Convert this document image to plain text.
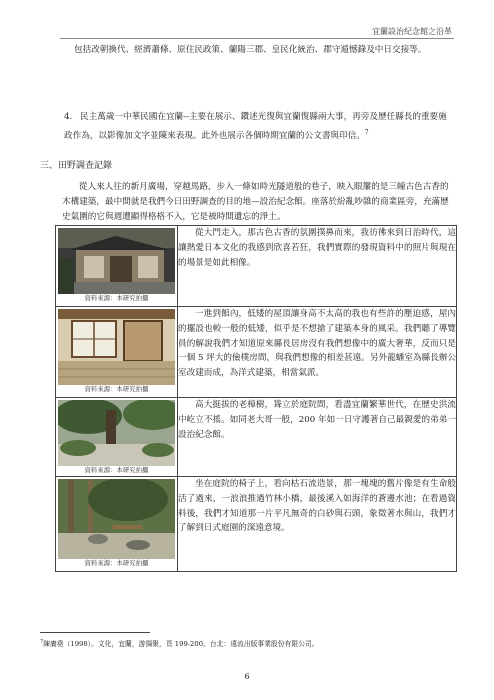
宜蘭設治紀念館之沿革
包括改朝換代、經濟蕭條、原住民政策、蘭陽三郡、皇民化統治、郡守遁憾錄及中日交接等。
4. 民主萬歲一中華民國在宜蘭--主要在展示、鑽述光復與宜蘭復縣兩大事，再旁及歷任縣長的重要施政作為，以影像加文字並陳來表現。此外也展示各個時期宜蘭的公文書與印信。$^7$
三、田野調查記錄
從人來人往的新月廣場，穿越馬路，步入一條如時光隧道般的巷子，映入眼簾的是三幢古色古香的木構建築，最中間就是我們今日田野調查的目的地—設治紀念館。座落於紛亂吵雜的商業區旁，充滿歷史氣圍的它與週遭顯得格格不入，它是被時間遺忘的淨土。
資料來源：本研究拍攝	從大門走入，那古色古香的氛圍撲鼻而來，我彷彿來到日治時代，這讓熱愛日本文化的我感到欣喜若狂，我們實際的發現資料中的照片與現在的場景是如此相像。

資料來源：本研究拍攝	一進到館內，低矮的屋頂讓身高不太高的我也有些許的壓迫感，屋內的擺設也較一般的低矮，似乎是不想搶了建築本身的風采。我們聽了導覽員的解說我們才知道原來縣長居房沒有我們想像中的廣大奢華，反而只是一個 5 坪大的儉樸房間，與我們想像的相差甚遠。另外龍蟠室為縣長辦公室改建而成，為洋式建築，相當氣派。

資料來源：本研究拍攝	高大挺拔的老樟樹，聳立於庭院間，看盡宜蘭繁華世代，在歷史洪流中屹立不搖。如同老大哥一般，200 年如一日守護著自己最親愛的弟弟一設治紀念館。

資料來源：本研究拍攝	坐在庭院的椅子上，看向枯石流造景，那一塊塊的舊片像是有生命般活了過來，一浪浪推過竹林小橋，最後溪入如海洋的蒼邊水池；在看過資料後，我們才知道那一片平凡無奇的白砂與石頭，象徵著水與山，我們才了解到日式庭園的深遠意境。

$^7$陳賡堯（1998）。文化，宜蘭，游揚聚，頁 199-200。台北：遠流出版事業股份有限公司。
6
